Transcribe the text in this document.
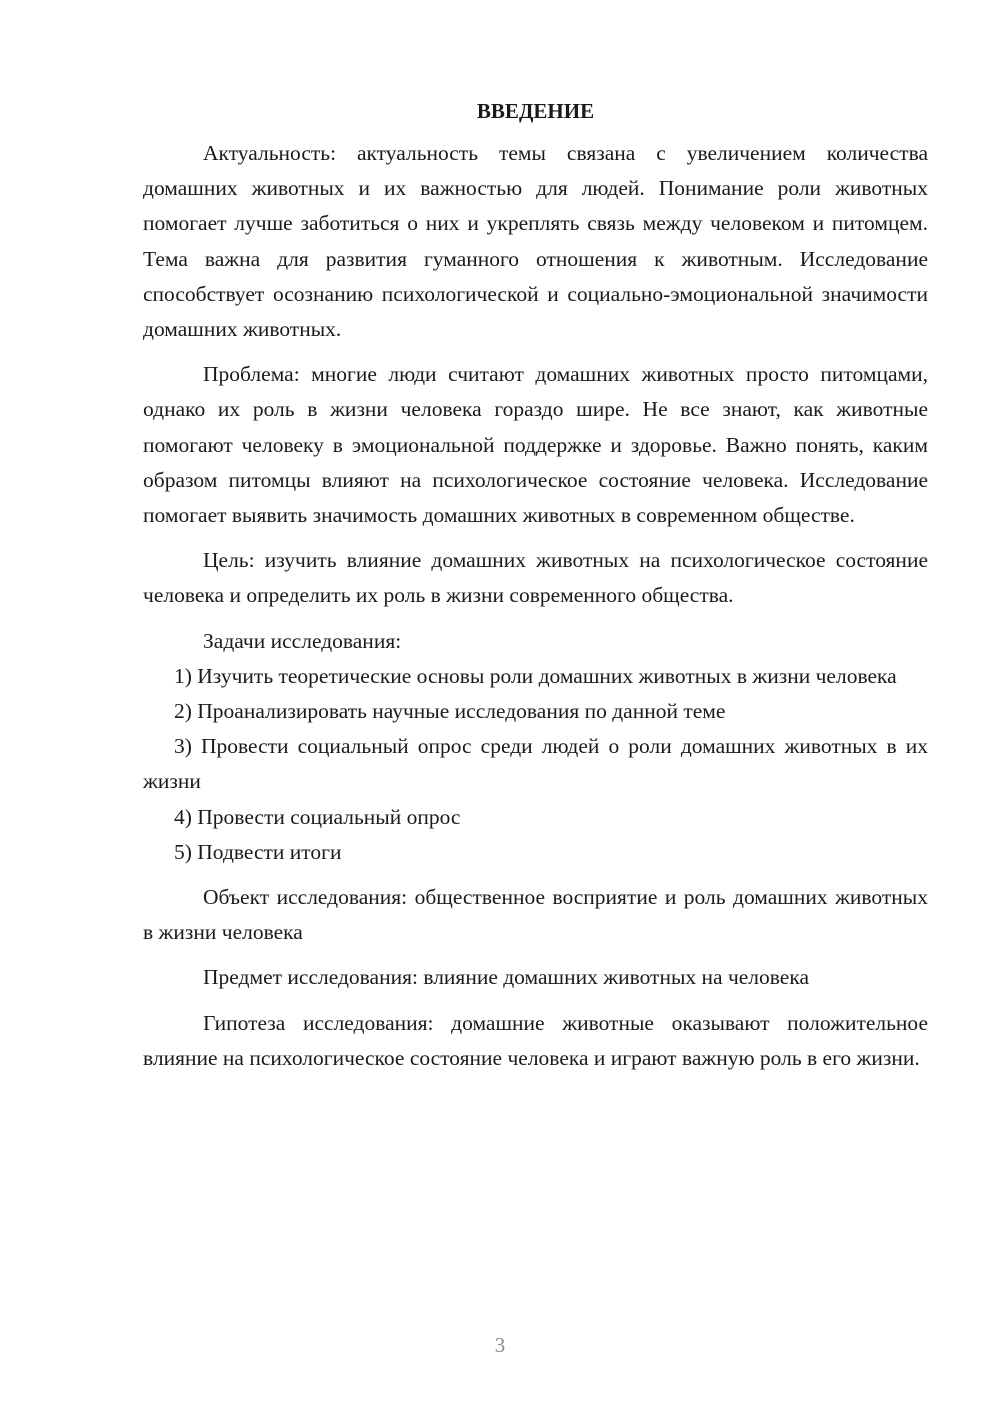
ВВЕДЕНИЕ

Актуальность: актуальность темы связана с увеличением количества домашних животных и их важностью для людей. Понимание роли животных помогает лучше заботиться о них и укреплять связь между человеком и питомцем. Тема важна для развития гуманного отношения к животным. Исследование способствует осознанию психологической и социально-эмоциональной значимости домашних животных.

Проблема: многие люди считают домашних животных просто питомцами, однако их роль в жизни человека гораздо шире. Не все знают, как животные помогают человеку в эмоциональной поддержке и здоровье. Важно понять, каким образом питомцы влияют на психологическое состояние человека. Исследование помогает выявить значимость домашних животных в современном обществе.

Цель: изучить влияние домашних животных на психологическое состояние человека и определить их роль в жизни современного общества.

Задачи исследования:

1) Изучить теоретические основы роли домашних животных в жизни человека

2) Проанализировать научные исследования по данной теме

3) Провести социальный опрос среди людей о роли домашних животных в их жизни

4) Провести социальный опрос

5) Подвести итоги

Объект исследования: общественное восприятие и роль домашних животных в жизни человека

Предмет исследования: влияние домашних животных на человека

Гипотеза исследования: домашние животные оказывают положительное влияние на психологическое состояние человека и играют важную роль в его жизни.

3
